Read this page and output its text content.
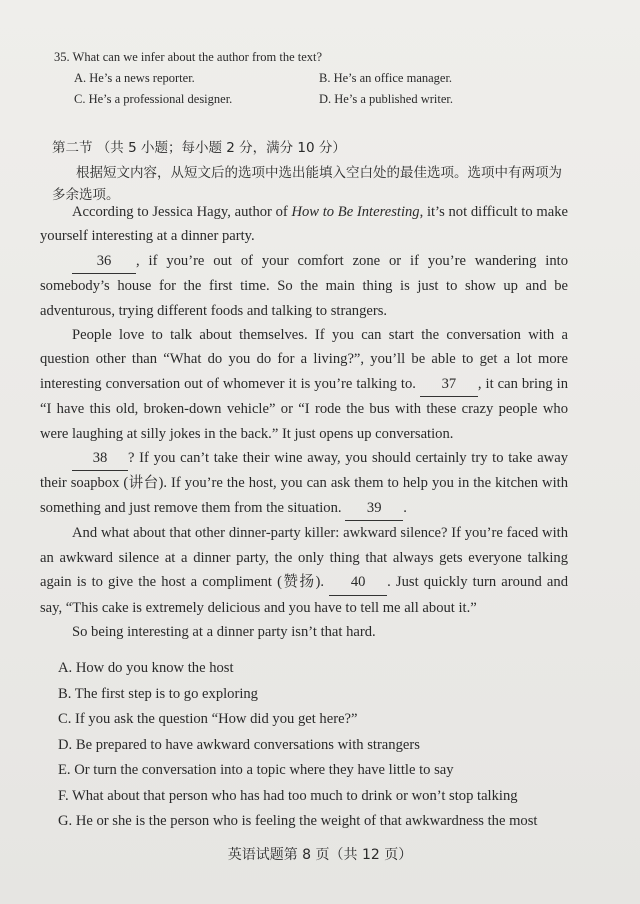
35. What can we infer about the author from the text?
A. He’s a news reporter.	B. He’s an office manager.
C. He’s a professional designer.	D. He’s a published writer.
第二节 （共 5 小题；每小题 2 分，满分 10 分）

根据短文内容，从短文后的选项中选出能填入空白处的最佳选项。选项中有两项为多余选项。

According to Jessica Hagy, author of How to Be Interesting, it’s not difficult to make yourself interesting at a dinner party.

36 , if you’re out of your comfort zone or if you’re wandering into somebody’s house for the first time. So the main thing is just to show up and be adventurous, trying different foods and talking to strangers.

People love to talk about themselves. If you can start the conversation with a question other than “What do you do for a living?”, you’ll be able to get a lot more interesting conversation out of whomever it is you’re talking to. 37 , it can bring in “I have this old, broken-down vehicle” or “I rode the bus with these crazy people who were laughing at silly jokes in the back.” It just opens up conversation.

38 ? If you can’t take their wine away, you should certainly try to take away their soapbox (讲台). If you’re the host, you can ask them to help you in the kitchen with something and just remove them from the situation. 39 .

And what about that other dinner-party killer: awkward silence? If you’re faced with an awkward silence at a dinner party, the only thing that always gets everyone talking again is to give the host a compliment (赞扬). 40 . Just quickly turn around and say, “This cake is extremely delicious and you have to tell me all about it.”

So being interesting at a dinner party isn’t that hard.

A. How do you know the host
B. The first step is to go exploring
C. If you ask the question “How did you get here?”
D. Be prepared to have awkward conversations with strangers
E. Or turn the conversation into a topic where they have little to say
F. What about that person who has had too much to drink or won’t stop talking
G. He or she is the person who is feeling the weight of that awkwardness the most
英语试题第 8 页（共 12 页）
